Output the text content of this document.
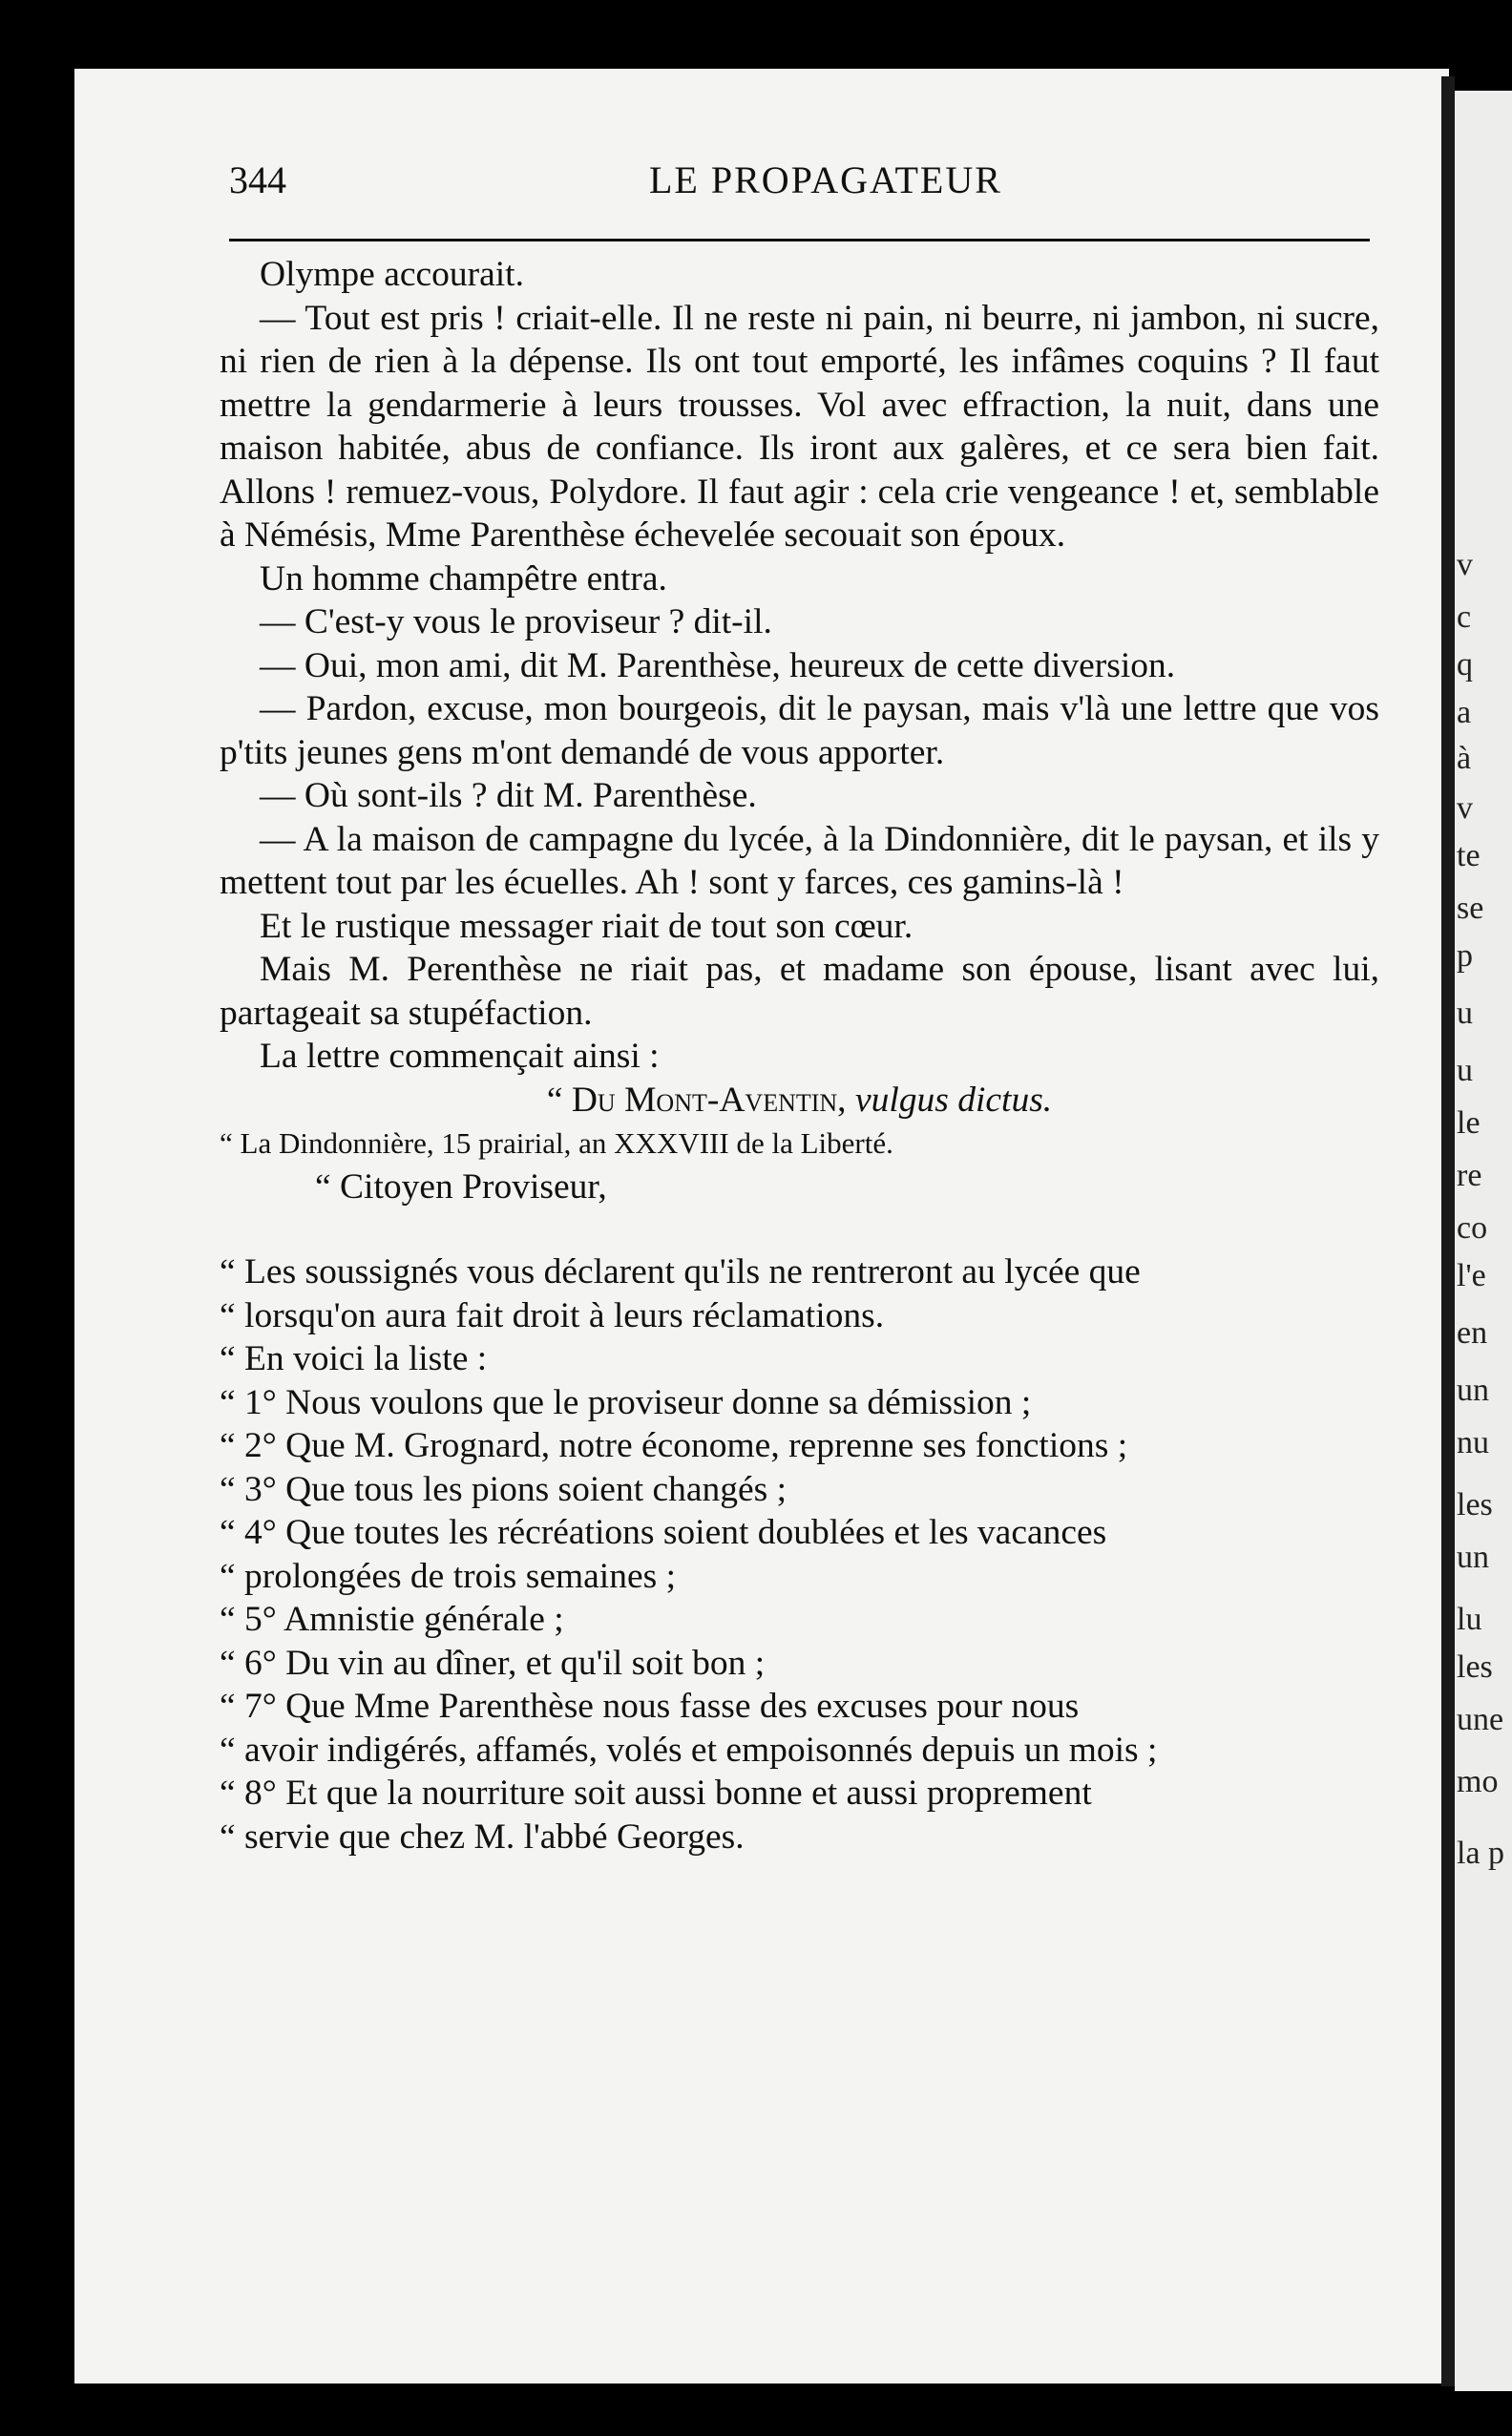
v
c
q
a
à
v
te
se
p
u
u
le
re
co
l'e
en
un
nu
les
un
lu
les
une
mo
la p
344	LE PROPAGATEUR

Olympe accourait.

— Tout est pris ! criait-elle. Il ne reste ni pain, ni beurre, ni jambon, ni sucre, ni rien de rien à la dépense. Ils ont tout emporté, les infâmes coquins ? Il faut mettre la gendarmerie à leurs trousses. Vol avec effraction, la nuit, dans une maison habitée, abus de confiance. Ils iront aux galères, et ce sera bien fait. Allons ! remuez-vous, Polydore. Il faut agir : cela crie vengeance ! et, semblable à Némésis, Mme Parenthèse échevelée secouait son époux.

Un homme champêtre entra.

— C'est-y vous le proviseur ? dit-il.

— Oui, mon ami, dit M. Parenthèse, heureux de cette diversion.

— Pardon, excuse, mon bourgeois, dit le paysan, mais v'là une lettre que vos p'tits jeunes gens m'ont demandé de vous apporter.

— Où sont-ils ? dit M. Parenthèse.

— A la maison de campagne du lycée, à la Dindonnière, dit le paysan, et ils y mettent tout par les écuelles. Ah ! sont y farces, ces gamins-là !

Et le rustique messager riait de tout son cœur.

Mais M. Perenthèse ne riait pas, et madame son épouse, lisant avec lui, partageait sa stupéfaction.

La lettre commençait ainsi :

“ Du Mont-Aventin, vulgus dictus.

“ La Dindonnière, 15 prairial, an XXXVIII de la Liberté.

“ Citoyen Proviseur,

“ Les soussignés vous déclarent qu'ils ne rentreront au lycée que

“ lorsqu'on aura fait droit à leurs réclamations.

“ En voici la liste :

“ 1° Nous voulons que le proviseur donne sa démission ;

“ 2° Que M. Grognard, notre économe, reprenne ses fonctions ;

“ 3° Que tous les pions soient changés ;

“ 4° Que toutes les récréations soient doublées et les vacances

“ prolongées de trois semaines ;

“ 5° Amnistie générale ;

“ 6° Du vin au dîner, et qu'il soit bon ;

“ 7° Que Mme Parenthèse nous fasse des excuses pour nous

“ avoir indigérés, affamés, volés et empoisonnés depuis un mois ;

“ 8° Et que la nourriture soit aussi bonne et aussi proprement

“ servie que chez M. l'abbé Georges.
